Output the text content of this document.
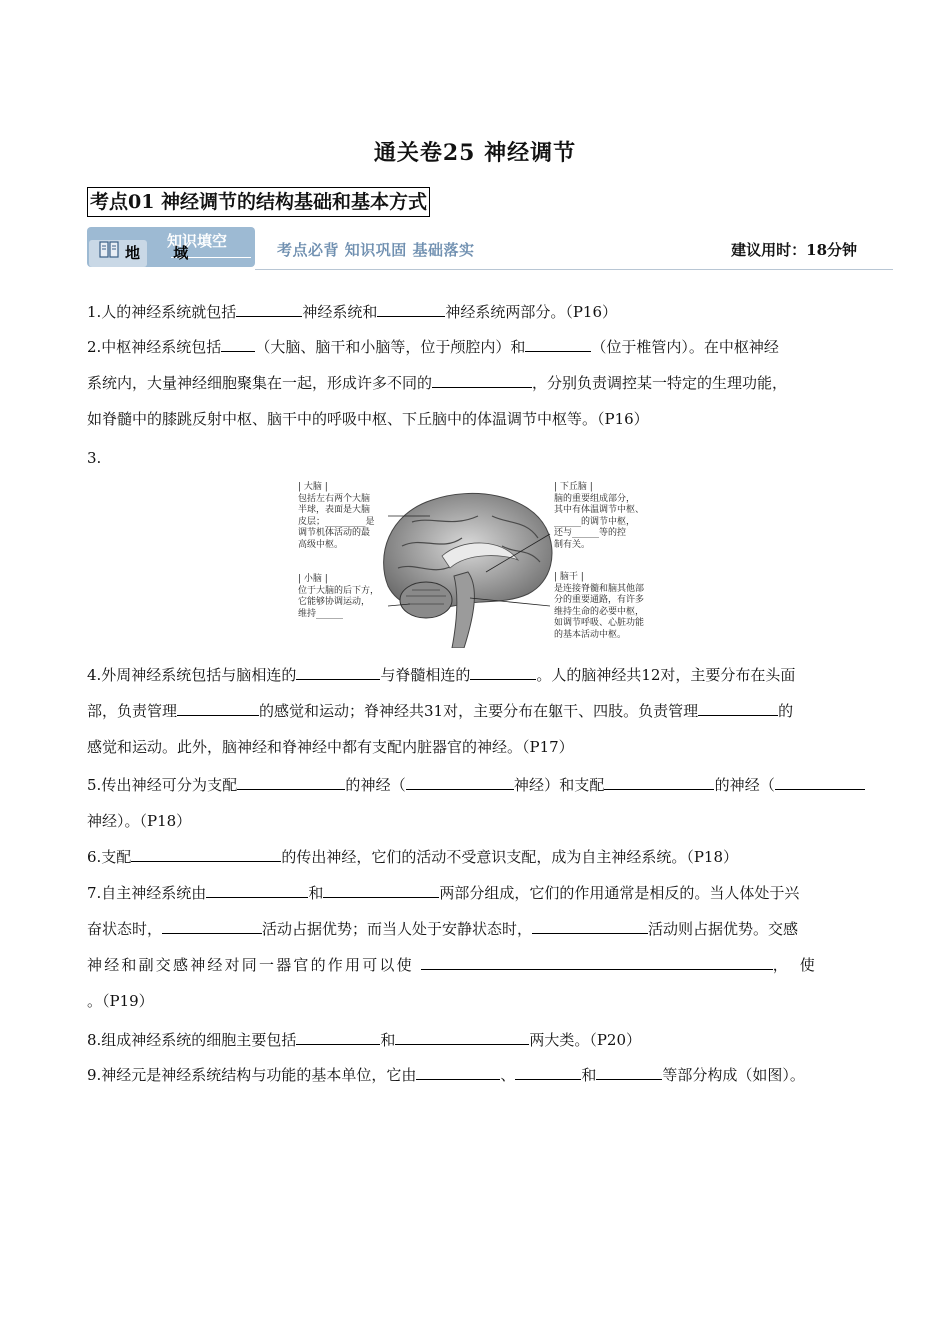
通关卷25 神经调节
考点01 神经调节的结构基础和基本方式
知识填空
地 域	考点必背 知识巩固 基础落实	建议用时：18分钟
1.人的神经系统就包括	神经系统和	神经系统两部分。（P16）
2.中枢神经系统包括 （大脑、脑干和小脑等，位于颅腔内）和	（位于椎管内）。在中枢神经
系统内，大量神经细胞聚集在一起，形成许多不同的	，分别负责调控某一特定的生理功能，
如脊髓中的膝跳反射中枢、脑干中的呼吸中枢、下丘脑中的体温调节中枢等。（P16）
3.
| 大脑 |
包括左右两个大脑
半球，表面是大脑
皮层；_________是
调节机体活动的最
高级中枢。
| 小脑 |
位于大脑的后下方，
它能够协调运动，
维持______
| 下丘脑 |
脑的重要组成部分，
其中有体温调节中枢、
______的调节中枢，
还与______等的控
制有关。
| 脑干 |
是连接脊髓和脑其他部
分的重要通路，有许多
维持生命的必要中枢，
如调节呼吸、心脏功能
的基本活动中枢。
4.外周神经系统包括与脑相连的	与脊髓相连的	。人的脑神经共12对，主要分布在头面
部，负责管理	的感觉和运动；脊神经共31对，主要分布在躯干、四肢。负责管理	的
感觉和运动。此外，脑神经和脊神经中都有支配内脏器官的神经。（P17）
5.传出神经可分为支配	的神经（	神经）和支配	的神经（神经）。（P18）
6.支配	的传出神经，它们的活动不受意识支配，成为自主神经系统。（P18）
7.自主神经系统由	和	两部分组成，它们的作用通常是相反的。当人体处于兴
奋状态时，	活动占据优势；而当人处于安静状态时，	活动则占据优势。交感
神经和副交感神经对同一器官的作用可以使	，使
。（P19）
8.组成神经系统的细胞主要包括	和	两大类。（P20）
9.神经元是神经系统结构与功能的基本单位，它由	、	和	等部分构成（如图）。
